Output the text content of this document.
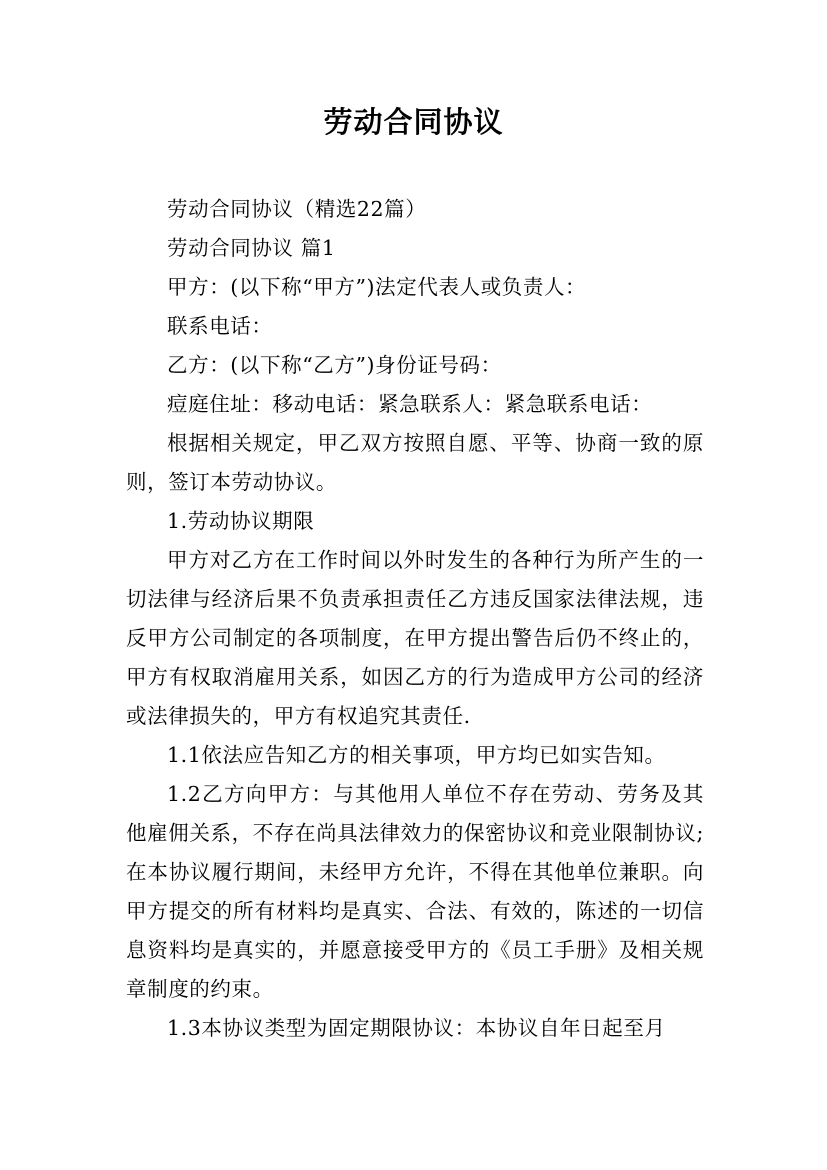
劳动合同协议

劳动合同协议（精选22篇）

劳动合同协议 篇1

甲方：(以下称“甲方”)法定代表人或负责人：

联系电话：

乙方：(以下称“乙方”)身份证号码：

痘庭住址：移动电话：紧急联系人：紧急联系电话：

根据相关规定，甲乙双方按照自愿、平等、协商一致的原则，签订本劳动协议。

1.劳动协议期限

甲方对乙方在工作时间以外时发生的各种行为所产生的一切法律与经济后果不负责承担责任乙方违反国家法律法规，违反甲方公司制定的各项制度，在甲方提出警告后仍不终止的，甲方有权取消雇用关系，如因乙方的行为造成甲方公司的经济或法律损失的，甲方有权追究其责任.

1.1依法应告知乙方的相关事项，甲方均已如实告知。

1.2乙方向甲方：与其他用人单位不存在劳动、劳务及其他雇佣关系，不存在尚具法律效力的保密协议和竞业限制协议;在本协议履行期间，未经甲方允许，不得在其他单位兼职。向甲方提交的所有材料均是真实、合法、有效的，陈述的一切信息资料均是真实的，并愿意接受甲方的《员工手册》及相关规章制度的约束。

1.3本协议类型为固定期限协议：本协议自年日起至月
